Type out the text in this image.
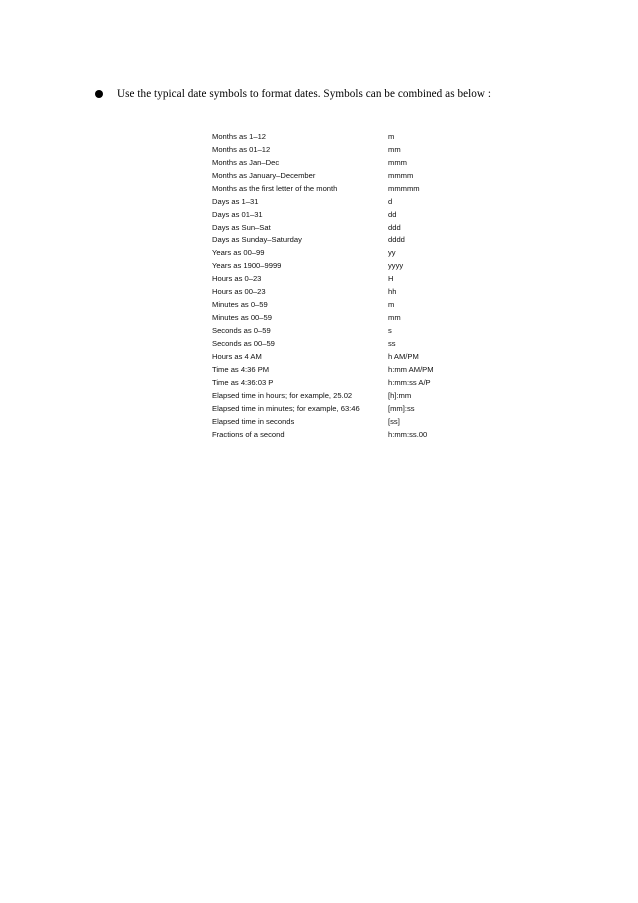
Use the typical date symbols to format dates. Symbols can be combined as below :
Months as 1–12	m
Months as 01–12	mm
Months as Jan–Dec	mmm
Months as January–December	mmmm
Months as the first letter of the month	mmmmm
Days as 1–31	d
Days as 01–31	dd
Days as Sun–Sat	ddd
Days as Sunday–Saturday	dddd
Years as 00–99	yy
Years as 1900–9999	yyyy
Hours as 0–23	H
Hours as 00–23	hh
Minutes as 0–59	m
Minutes as 00–59	mm
Seconds as 0–59	s
Seconds as 00–59	ss
Hours as 4 AM	h AM/PM
Time as 4:36 PM	h:mm AM/PM
Time as 4:36:03 P	h:mm:ss A/P
Elapsed time in hours; for example, 25.02	[h]:mm
Elapsed time in minutes; for example, 63:46	[mm]:ss
Elapsed time in seconds	[ss]
Fractions of a second	h:mm:ss.00
